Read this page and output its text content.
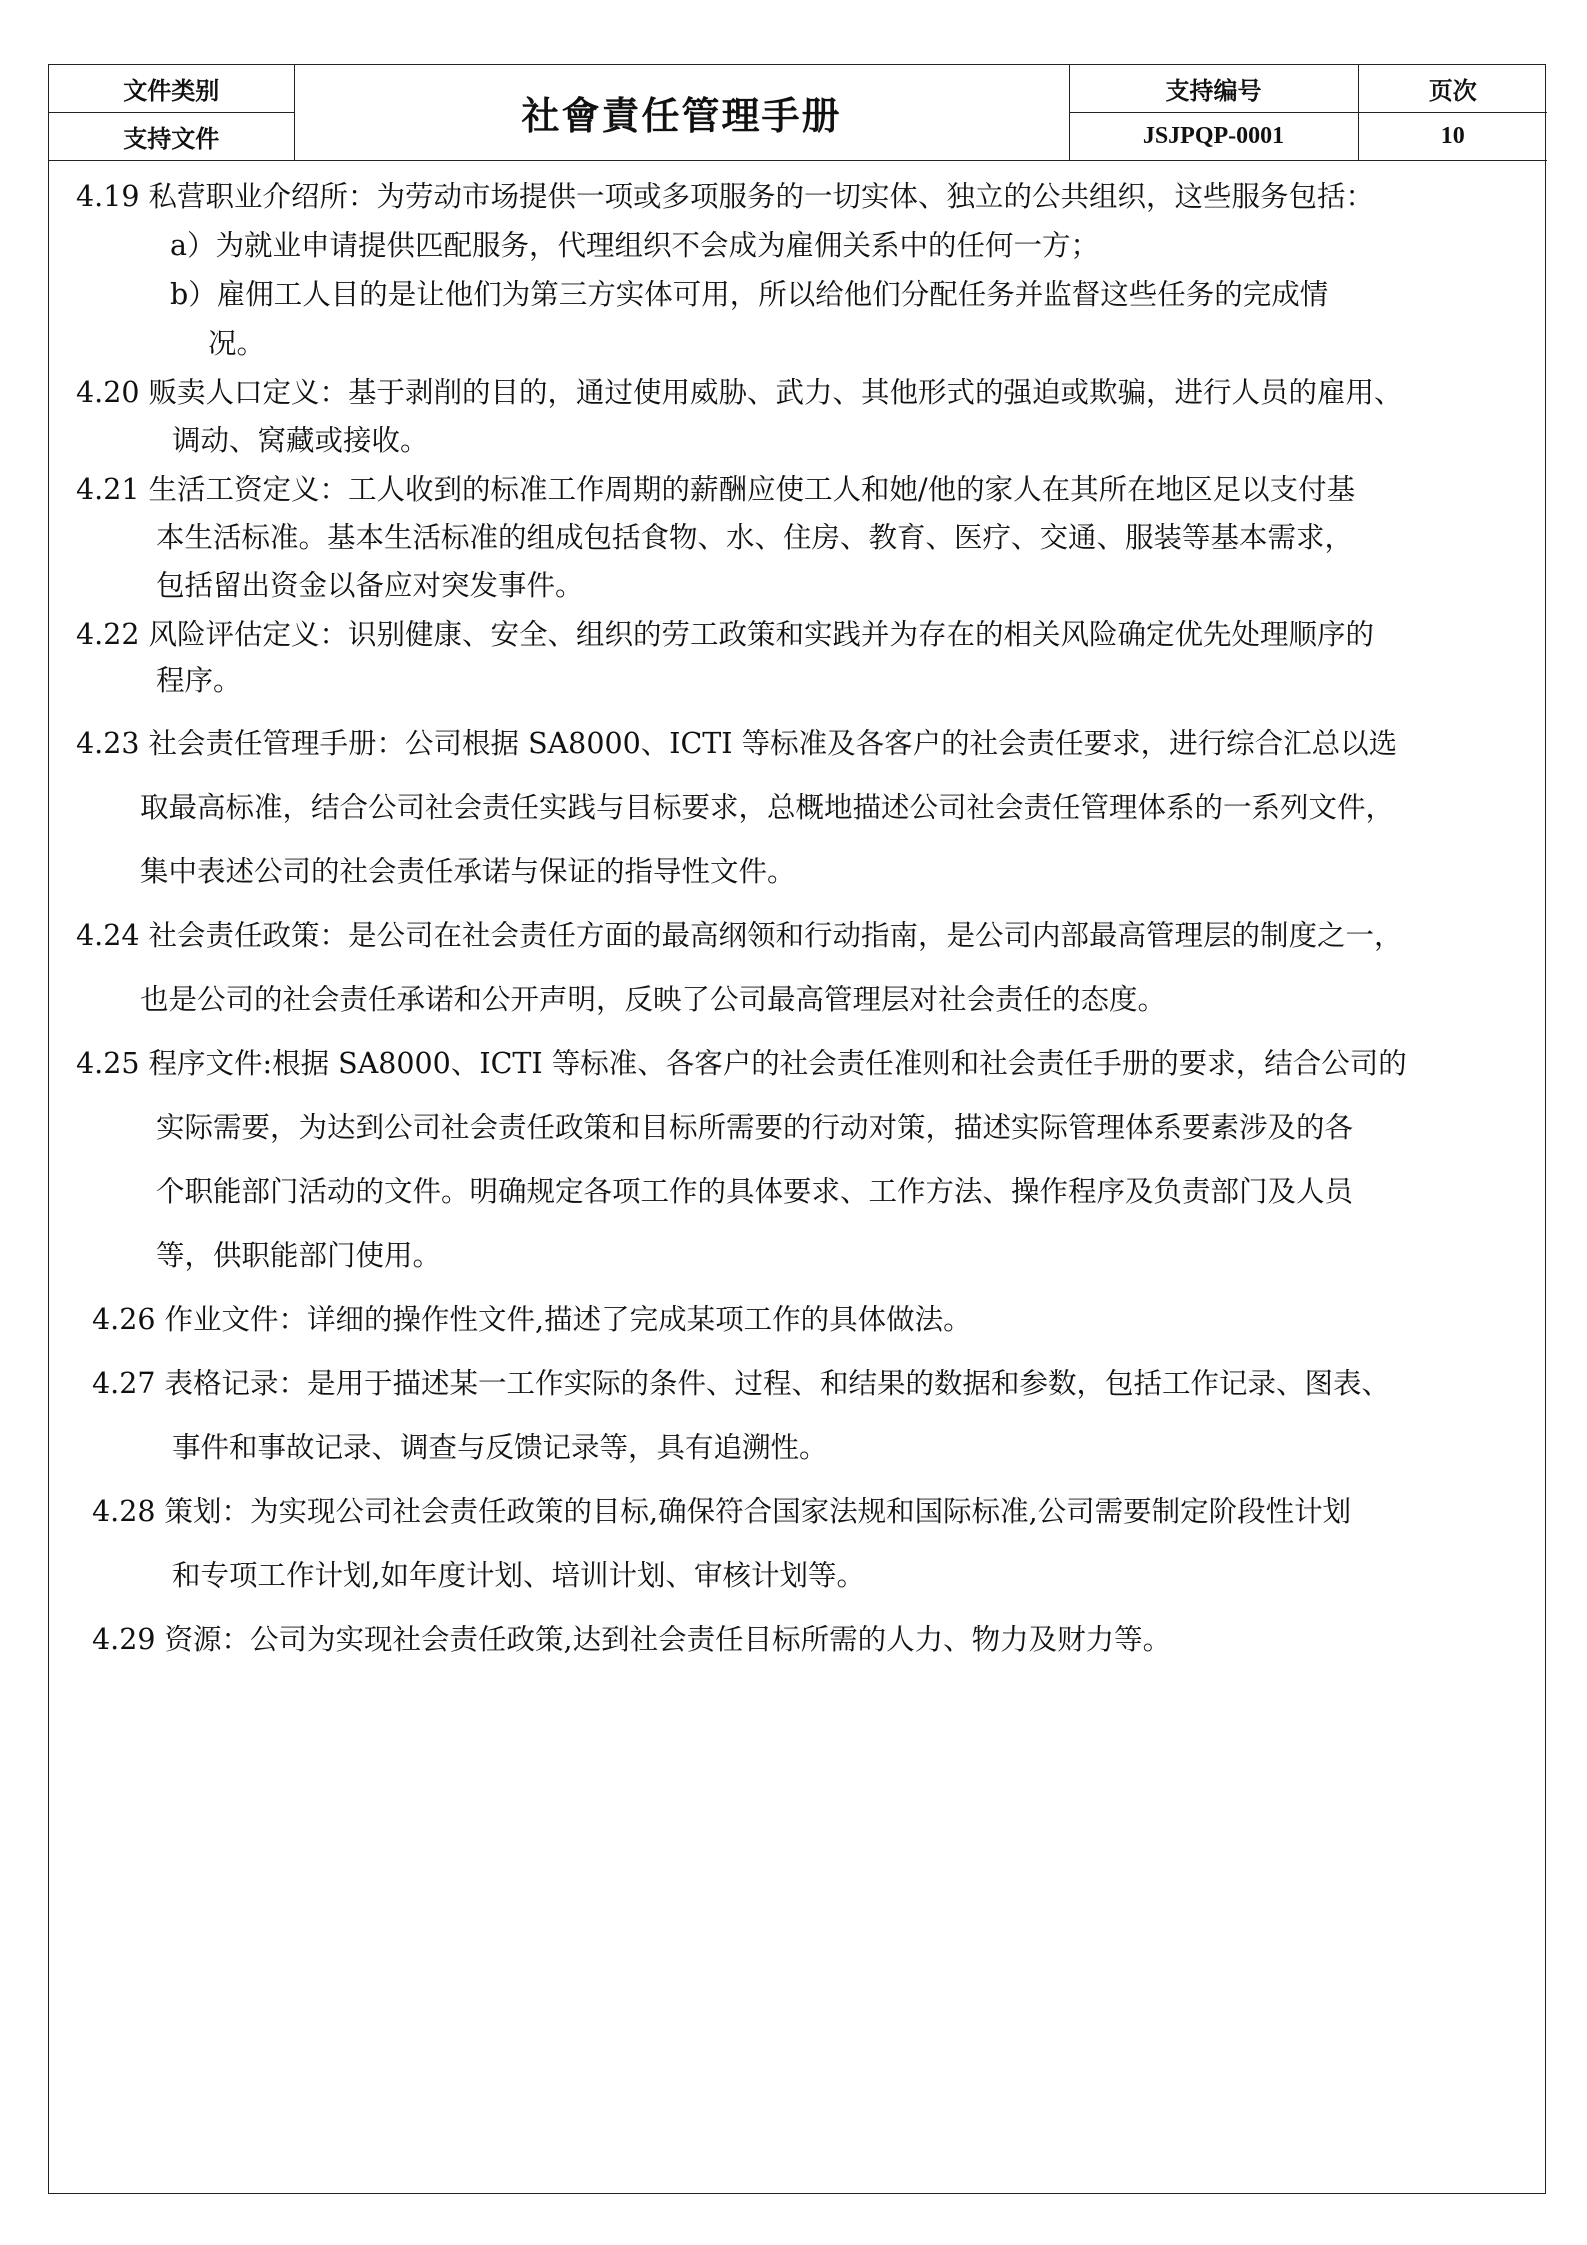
文件类别	社會責任管理手册	支持编号	页次
支持文件		JSJPQP-0001	10
4.19 私营职业介绍所：为劳动市场提供一项或多项服务的一切实体、独立的公共组织，这些服务包括：
a）为就业申请提供匹配服务，代理组织不会成为雇佣关系中的任何一方；
b）雇佣工人目的是让他们为第三方实体可用，所以给他们分配任务并监督这些任务的完成情
况。
4.20 贩卖人口定义：基于剥削的目的，通过使用威胁、武力、其他形式的强迫或欺骗，进行人员的雇用、
调动、窝藏或接收。
4.21 生活工资定义：工人收到的标准工作周期的薪酬应使工人和她/他的家人在其所在地区足以支付基
本生活标准。基本生活标准的组成包括食物、水、住房、教育、医疗、交通、服装等基本需求，
包括留出资金以备应对突发事件。
4.22 风险评估定义：识别健康、安全、组织的劳工政策和实践并为存在的相关风险确定优先处理顺序的
程序。
4.23 社会责任管理手册：公司根据 SA8000、ICTI 等标准及各客户的社会责任要求，进行综合汇总以选
取最高标准，结合公司社会责任实践与目标要求，总概地描述公司社会责任管理体系的一系列文件，
集中表述公司的社会责任承诺与保证的指导性文件。
4.24 社会责任政策：是公司在社会责任方面的最高纲领和行动指南，是公司内部最高管理层的制度之一，
也是公司的社会责任承诺和公开声明，反映了公司最高管理层对社会责任的态度。
4.25 程序文件:根据 SA8000、ICTI 等标准、各客户的社会责任准则和社会责任手册的要求，结合公司的
实际需要，为达到公司社会责任政策和目标所需要的行动对策，描述实际管理体系要素涉及的各
个职能部门活动的文件。明确规定各项工作的具体要求、工作方法、操作程序及负责部门及人员
等，供职能部门使用。
4.26 作业文件：详细的操作性文件,描述了完成某项工作的具体做法。
4.27 表格记录：是用于描述某一工作实际的条件、过程、和结果的数据和参数，包括工作记录、图表、
事件和事故记录、调查与反馈记录等，具有追溯性。
4.28 策划：为实现公司社会责任政策的目标,确保符合国家法规和国际标准,公司需要制定阶段性计划
和专项工作计划,如年度计划、培训计划、审核计划等。
4.29 资源：公司为实现社会责任政策,达到社会责任目标所需的人力、物力及财力等。
